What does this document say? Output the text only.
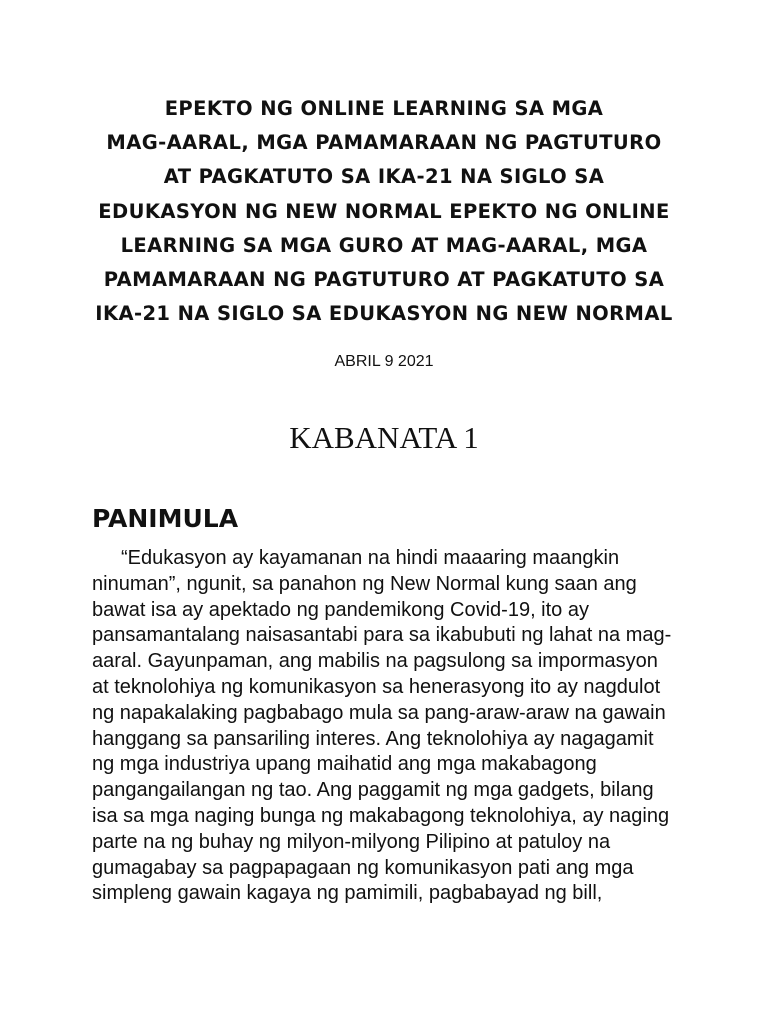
EPEKTO NG ONLINE LEARNING SA MGA
MAG-AARAL, MGA PAMAMARAAN NG PAGTUTURO
AT PAGKATUTO SA IKA-21 NA SIGLO SA
EDUKASYON NG NEW NORMAL EPEKTO NG ONLINE
LEARNING SA MGA GURO AT MAG-AARAL, MGA
PAMAMARAAN NG PAGTUTURO AT PAGKATUTO SA
IKA-21 NA SIGLO SA EDUKASYON NG NEW NORMAL
ABRIL 9 2021
KABANATA 1
PANIMULA
“Edukasyon ay kayamanan na hindi maaaring maangkin
ninuman”, ngunit, sa panahon ng New Normal kung saan ang
bawat isa ay apektado ng pandemikong Covid-19, ito ay
pansamantalang naisasantabi para sa ikabubuti ng lahat na mag-
aaral. Gayunpaman, ang mabilis na pagsulong sa impormasyon
at teknolohiya ng komunikasyon sa henerasyong ito ay nagdulot
ng napakalaking pagbabago mula sa pang-araw-araw na gawain
hanggang sa pansariling interes. Ang teknolohiya ay nagagamit
ng mga industriya upang maihatid ang mga makabagong
pangangailangan ng tao. Ang paggamit ng mga gadgets, bilang
isa sa mga naging bunga ng makabagong teknolohiya, ay naging
parte na ng buhay ng milyon-milyong Pilipino at patuloy na
gumagabay sa pagpapagaan ng komunikasyon pati ang mga
simpleng gawain kagaya ng pamimili, pagbabayad ng bill,
